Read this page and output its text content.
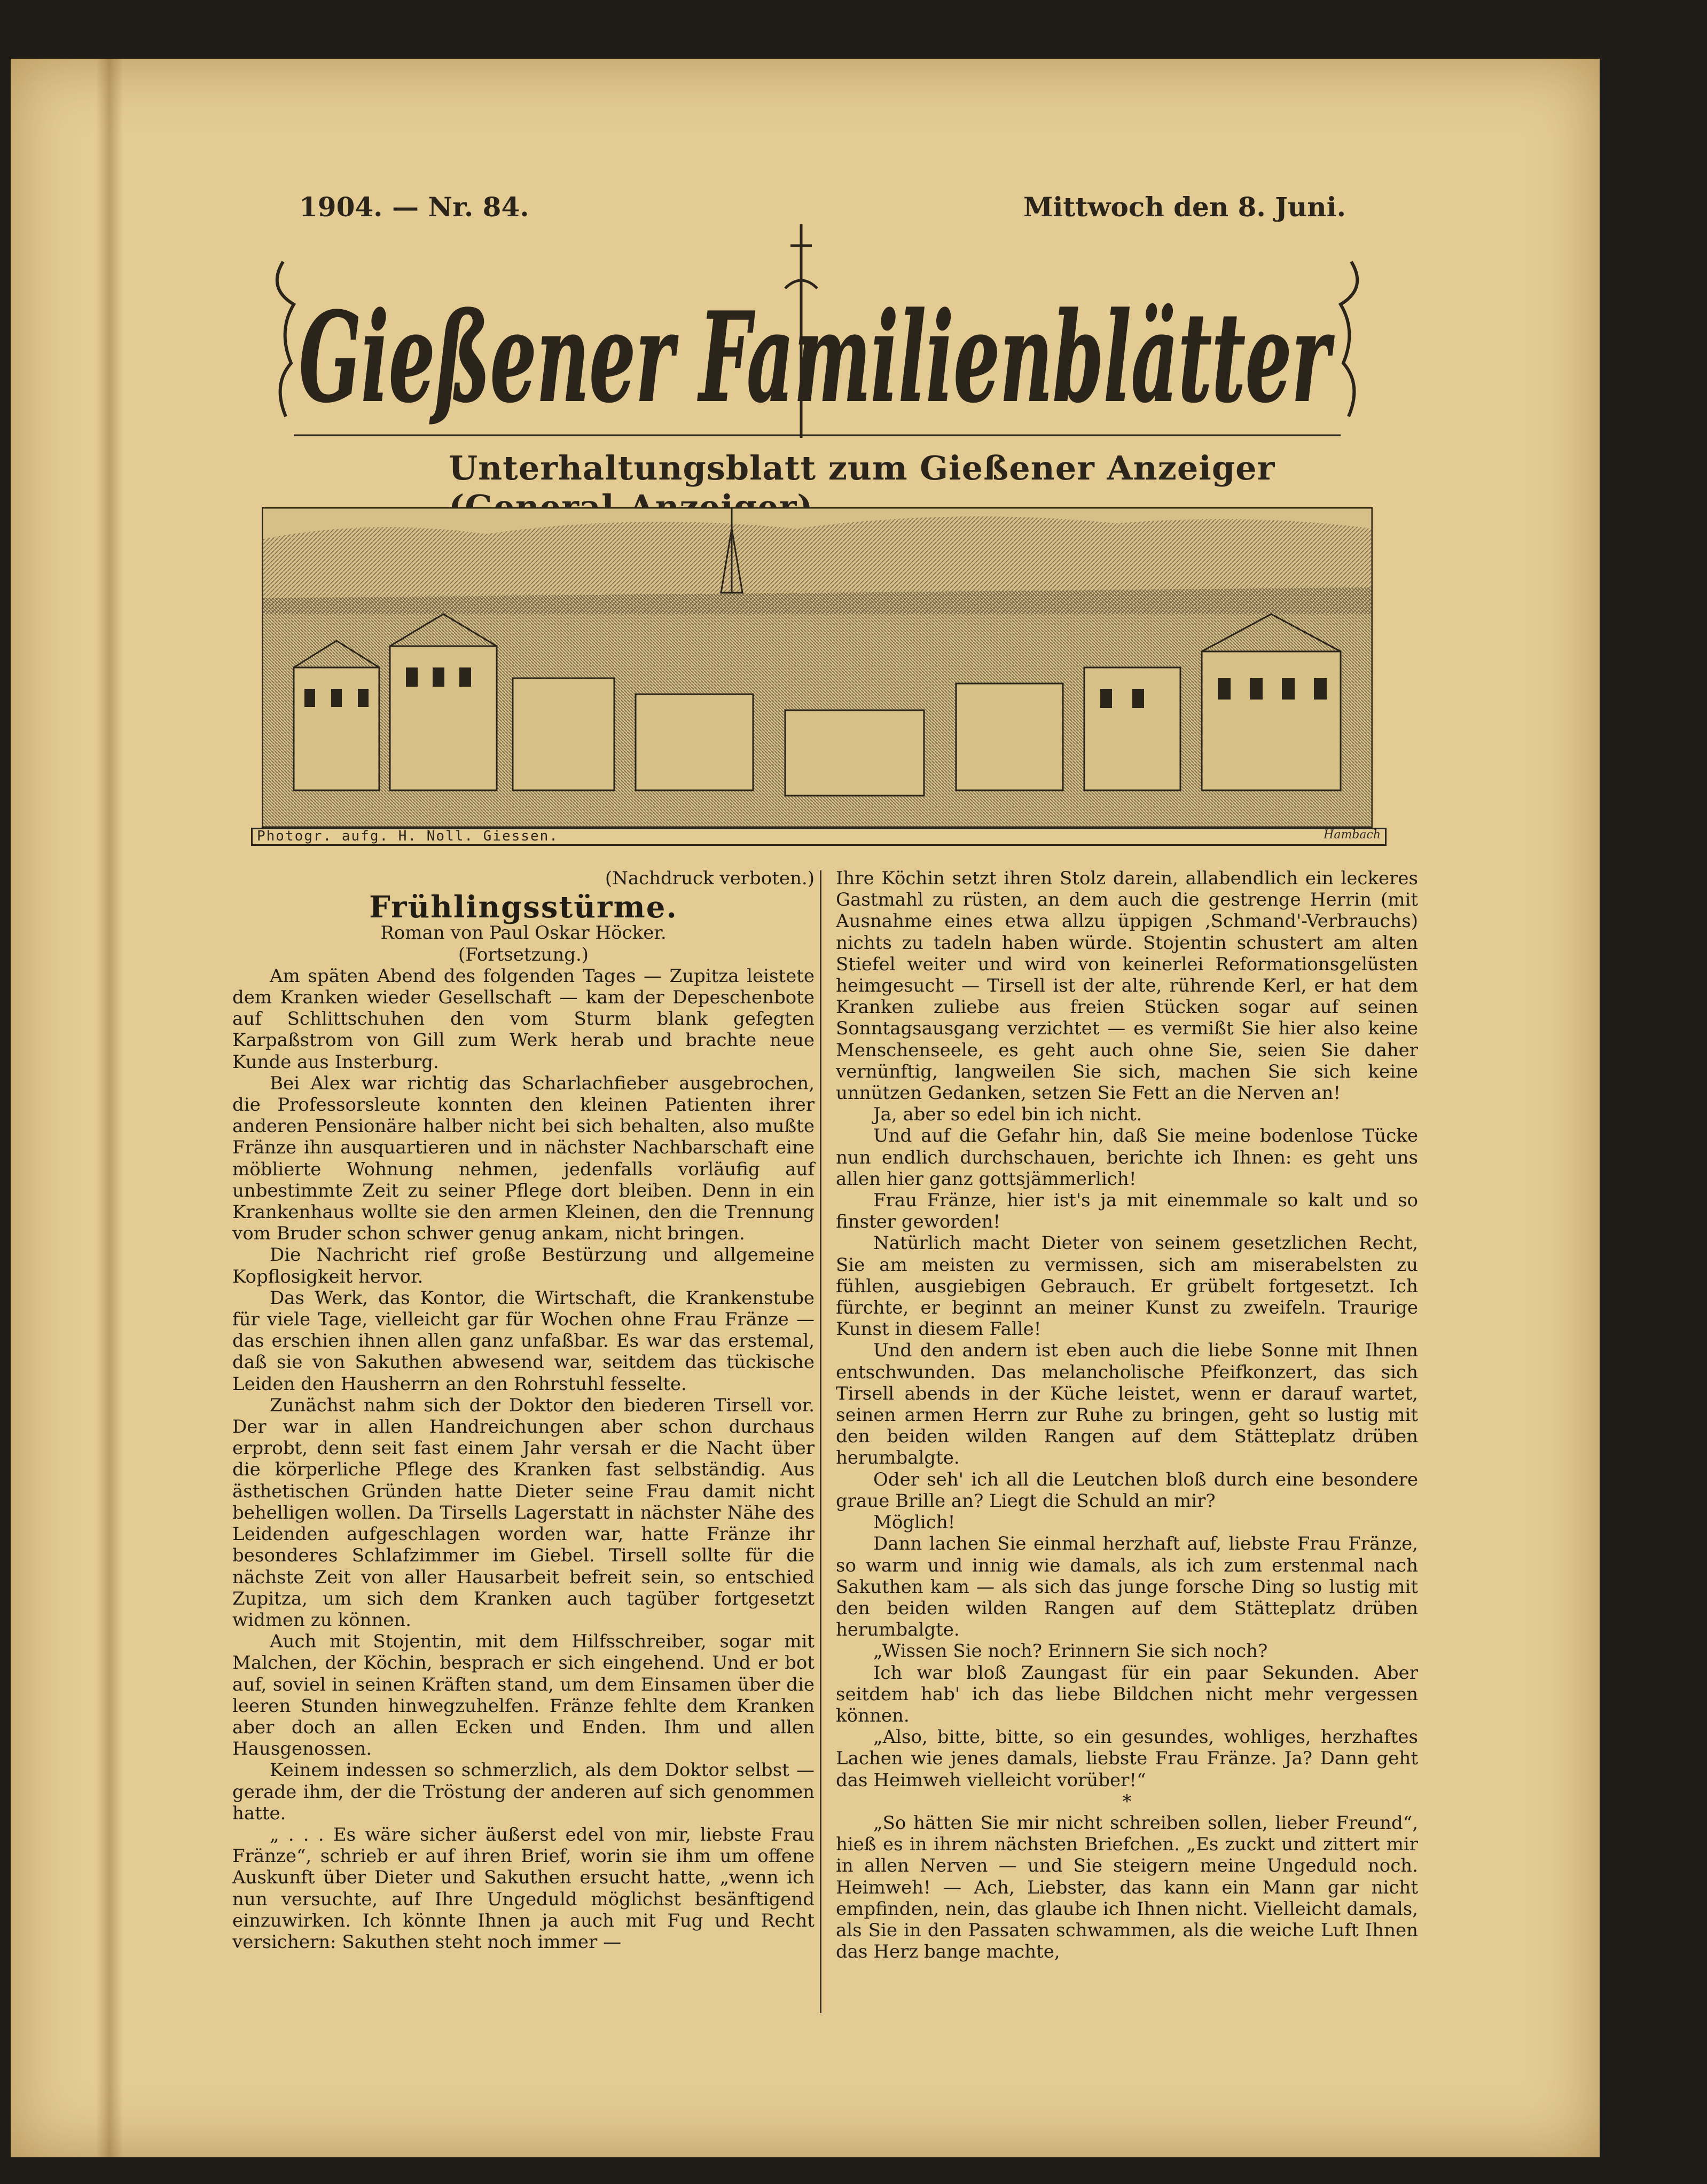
1904. — Nr. 84.	Mittwoch den 8. Juni.
Gießener Familienblätter
Unterhaltungsblatt zum Gießener Anzeiger
Photogr. aufg. H. Noll. Giessen.	Hambach

(Nachdruck verboten.)

Frühlingsstürme.

Roman von Paul Oskar Höcker.

(Fortsetzung.)

Am späten Abend des folgenden Tages — Zupitza leistete dem Kranken wieder Gesellschaft — kam der Depeschenbote auf Schlittschuhen den vom Sturm blank gefegten Karpaßstrom von Gill zum Werk herab und brachte neue Kunde aus Insterburg.

Bei Alex war richtig das Scharlachfieber ausgebrochen, die Professorsleute konnten den kleinen Patienten ihrer anderen Pensionäre halber nicht bei sich behalten, also mußte Fränze ihn ausquartieren und in nächster Nachbarschaft eine möblierte Wohnung nehmen, jedenfalls vorläufig auf unbestimmte Zeit zu seiner Pflege dort bleiben. Denn in ein Krankenhaus wollte sie den armen Kleinen, den die Trennung vom Bruder schon schwer genug ankam, nicht bringen.

Die Nachricht rief große Bestürzung und allgemeine Kopflosigkeit hervor.

Das Werk, das Kontor, die Wirtschaft, die Krankenstube für viele Tage, vielleicht gar für Wochen ohne Frau Fränze — das erschien ihnen allen ganz unfaßbar. Es war das erstemal, daß sie von Sakuthen abwesend war, seitdem das tückische Leiden den Hausherrn an den Rohrstuhl fesselte.

Zunächst nahm sich der Doktor den biederen Tirsell vor. Der war in allen Handreichungen aber schon durchaus erprobt, denn seit fast einem Jahr versah er die Nacht über die körperliche Pflege des Kranken fast selbständig. Aus ästhetischen Gründen hatte Dieter seine Frau damit nicht behelligen wollen. Da Tirsells Lagerstatt in nächster Nähe des Leidenden aufgeschlagen worden war, hatte Fränze ihr besonderes Schlafzimmer im Giebel. Tirsell sollte für die nächste Zeit von aller Hausarbeit befreit sein, so entschied Zupitza, um sich dem Kranken auch tagüber fortgesetzt widmen zu können.

Auch mit Stojentin, mit dem Hilfsschreiber, sogar mit Malchen, der Köchin, besprach er sich eingehend. Und er bot auf, soviel in seinen Kräften stand, um dem Einsamen über die leeren Stunden hinwegzuhelfen. Fränze fehlte dem Kranken aber doch an allen Ecken und Enden. Ihm und allen Hausgenossen.

Keinem indessen so schmerzlich, als dem Doktor selbst — gerade ihm, der die Tröstung der anderen auf sich genommen hatte.

„ . . . Es wäre sicher äußerst edel von mir, liebste Frau Fränze“, schrieb er auf ihren Brief, worin sie ihm um offene Auskunft über Dieter und Sakuthen ersucht hatte, „wenn ich nun versuchte, auf Ihre Ungeduld möglichst besänftigend einzuwirken. Ich könnte Ihnen ja auch mit Fug und Recht versichern: Sakuthen steht noch immer —

Ihre Köchin setzt ihren Stolz darein, allabendlich ein leckeres Gastmahl zu rüsten, an dem auch die gestrenge Herrin (mit Ausnahme eines etwa allzu üppigen ‚Schmand'-Verbrauchs) nichts zu tadeln haben würde. Stojentin schustert am alten Stiefel weiter und wird von keinerlei Reformationsgelüsten heimgesucht — Tirsell ist der alte, rührende Kerl, er hat dem Kranken zuliebe aus freien Stücken sogar auf seinen Sonntagsausgang verzichtet — es vermißt Sie hier also keine Menschenseele, es geht auch ohne Sie, seien Sie daher vernünftig, langweilen Sie sich, machen Sie sich keine unnützen Gedanken, setzen Sie Fett an die Nerven an!

Ja, aber so edel bin ich nicht.

Und auf die Gefahr hin, daß Sie meine bodenlose Tücke nun endlich durchschauen, berichte ich Ihnen: es geht uns allen hier ganz gottsjämmerlich!

Frau Fränze, hier ist's ja mit einemmale so kalt und so finster geworden!

Natürlich macht Dieter von seinem gesetzlichen Recht, Sie am meisten zu vermissen, sich am miserabelsten zu fühlen, ausgiebigen Gebrauch. Er grübelt fortgesetzt. Ich fürchte, er beginnt an meiner Kunst zu zweifeln. Traurige Kunst in diesem Falle!

Und den andern ist eben auch die liebe Sonne mit Ihnen entschwunden. Das melancholische Pfeifkonzert, das sich Tirsell abends in der Küche leistet, wenn er darauf wartet, seinen armen Herrn zur Ruhe zu bringen, geht so lustig mit den beiden wilden Rangen auf dem Stätteplatz drüben herumbalgte.

Oder seh' ich all die Leutchen bloß durch eine besondere graue Brille an? Liegt die Schuld an mir?

Möglich!

Dann lachen Sie einmal herzhaft auf, liebste Frau Fränze, so warm und innig wie damals, als ich zum erstenmal nach Sakuthen kam — als sich das junge forsche Ding so lustig mit den beiden wilden Rangen auf dem Stätteplatz drüben herumbalgte.

„Wissen Sie noch? Erinnern Sie sich noch?

Ich war bloß Zaungast für ein paar Sekunden. Aber seitdem hab' ich das liebe Bildchen nicht mehr vergessen können.

„Also, bitte, bitte, so ein gesundes, wohliges, herzhaftes Lachen wie jenes damals, liebste Frau Fränze. Ja? Dann geht das Heimweh vielleicht vorüber!“

*

„So hätten Sie mir nicht schreiben sollen, lieber Freund“, hieß es in ihrem nächsten Briefchen. „Es zuckt und zittert mir in allen Nerven — und Sie steigern meine Ungeduld noch. Heimweh! — Ach, Liebster, das kann ein Mann gar nicht empfinden, nein, das glaube ich Ihnen nicht. Vielleicht damals, als Sie in den Passaten schwammen, als die weiche Luft Ihnen das Herz bange machte,
